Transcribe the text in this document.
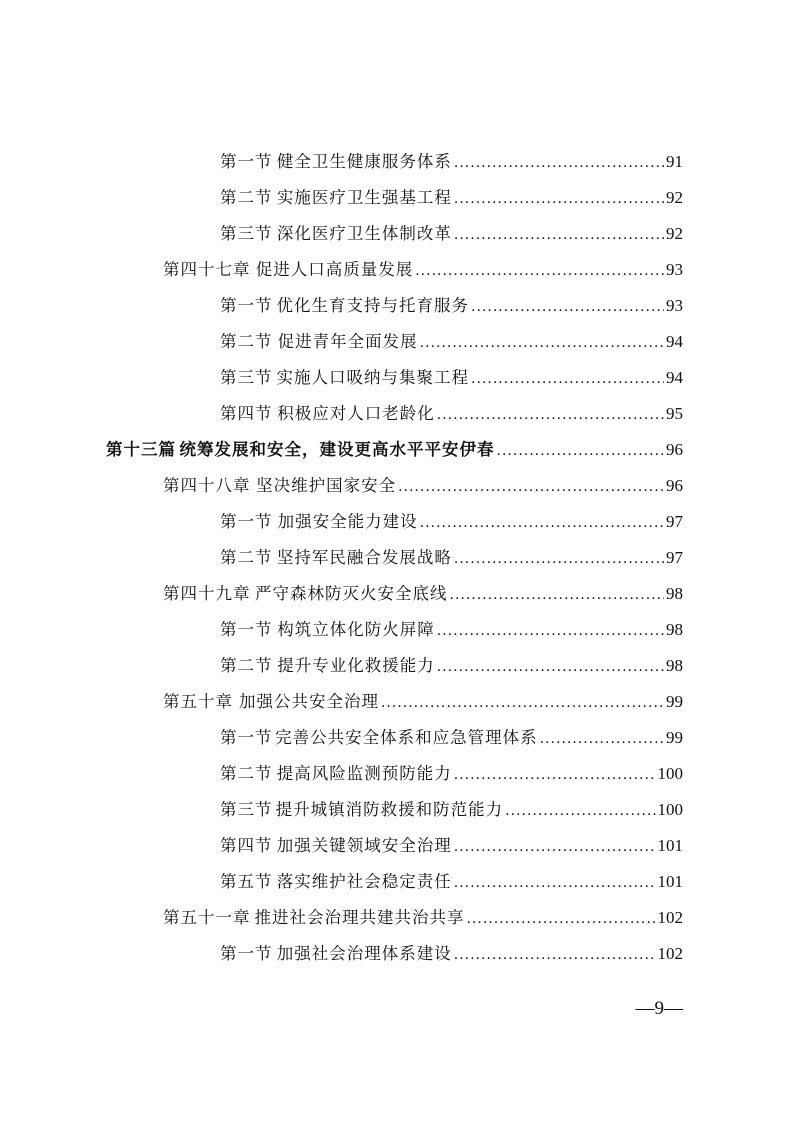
第一节 健全卫生健康服务体系 .....	91
第二节 实施医疗卫生强基工程 .....	92
第三节 深化医疗卫生体制改革 .....	92
第四十七章 促进人口高质量发展 .....	93
第一节 优化生育支持与托育服务 .....	93
第二节 促进青年全面发展 .....	94
第三节 实施人口吸纳与集聚工程 .....	94
第四节 积极应对人口老龄化 .....	95
第十三篇 统筹发展和安全，建设更高水平平安伊春 .....	96
第四十八章 坚决维护国家安全 .....	96
第一节 加强安全能力建设 .....	97
第二节 坚持军民融合发展战略 .....	97
第四十九章 严守森林防灭火安全底线 .....	98
第一节 构筑立体化防火屏障 .....	98
第二节 提升专业化救援能力 .....	98
第五十章 加强公共安全治理 .....	99
第一节 完善公共安全体系和应急管理体系 .....	99
第二节 提高风险监测预防能力 .....	100
第三节 提升城镇消防救援和防范能力 .....	100
第四节 加强关键领域安全治理 .....	101
第五节 落实维护社会稳定责任 .....	101
第五十一章 推进社会治理共建共治共享 .....	102
第一节 加强社会治理体系建设 .....	102
—9—
